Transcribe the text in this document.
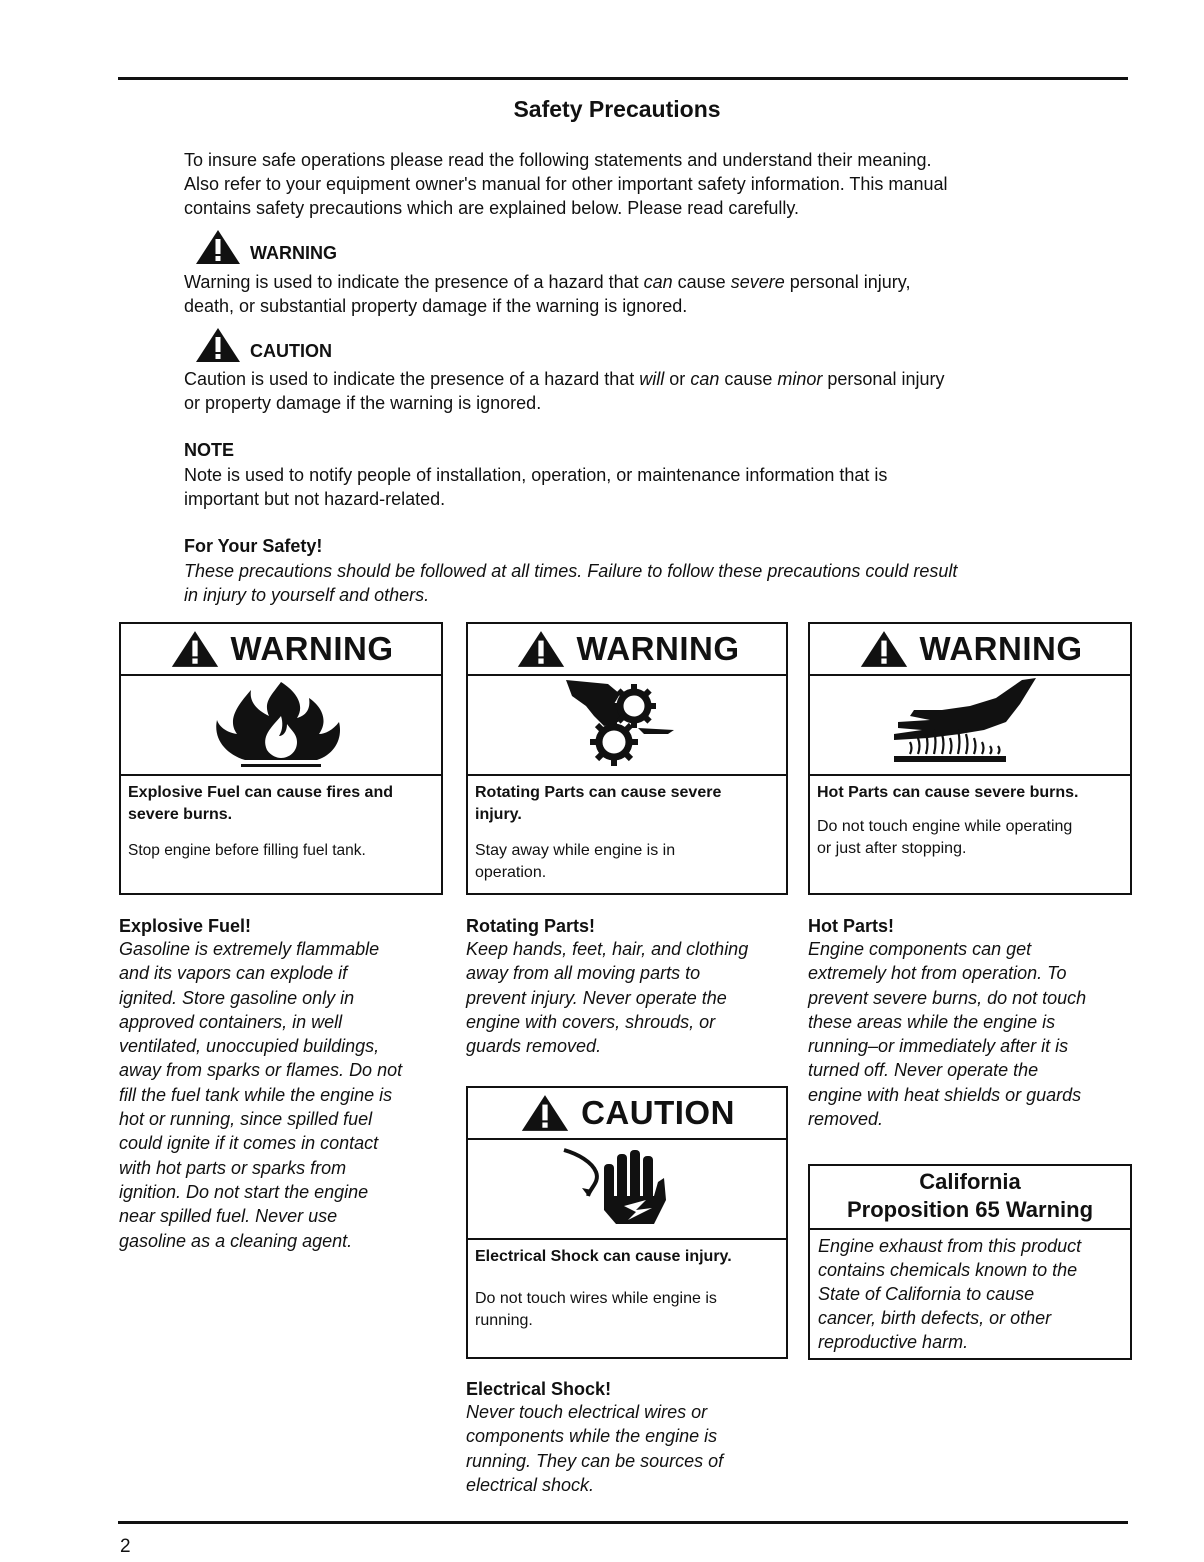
Safety Precautions

To insure safe operations please read the following statements and understand their meaning.

Also refer to your equipment owner's manual for other important safety information. This manual

contains safety precautions which are explained below. Please read carefully.

WARNING

Warning is used to indicate the presence of a hazard that can cause severe personal injury,
death, or substantial property damage if the warning is ignored.

CAUTION

Caution is used to indicate the presence of a hazard that will or can cause minor personal injury
or property damage if the warning is ignored.

NOTE

Note is used to notify people of installation, operation, or maintenance information that is
important but not hazard-related.

For Your Safety!

These precautions should be followed at all times. Failure to follow these precautions could result
in injury to yourself and others.

WARNING
Explosive Fuel can cause fires and
severe burns.
Stop engine before filling fuel tank.
WARNING
Rotating Parts can cause severe
injury.
Stay away while engine is in
operation.
WARNING
Hot Parts can cause severe burns.
Do not touch engine while operating
or just after stopping.
Explosive Fuel!
Gasoline is extremely flammable
and its vapors can explode if
ignited. Store gasoline only in
approved containers, in well
ventilated, unoccupied buildings,
away from sparks or flames. Do not
fill the fuel tank while the engine is
hot or running, since spilled fuel
could ignite if it comes in contact
with hot parts or sparks from
ignition. Do not start the engine
near spilled fuel. Never use
gasoline as a cleaning agent.
Rotating Parts!
Keep hands, feet, hair, and clothing
away from all moving parts to
prevent injury. Never operate the
engine with covers, shrouds, or
guards removed.
Hot Parts!
Engine components can get
extremely hot from operation. To
prevent severe burns, do not touch
these areas while the engine is
running–or immediately after it is
turned off. Never operate the
engine with heat shields or guards
removed.
CAUTION
Electrical Shock can cause injury.
Do not touch wires while engine is
running.
Electrical Shock!
Never touch electrical wires or
components while the engine is
running. They can be sources of
electrical shock.
California
Proposition 65 Warning
Engine exhaust from this product
contains chemicals known to the
State of California to cause
cancer, birth defects, or other
reproductive harm.
2
